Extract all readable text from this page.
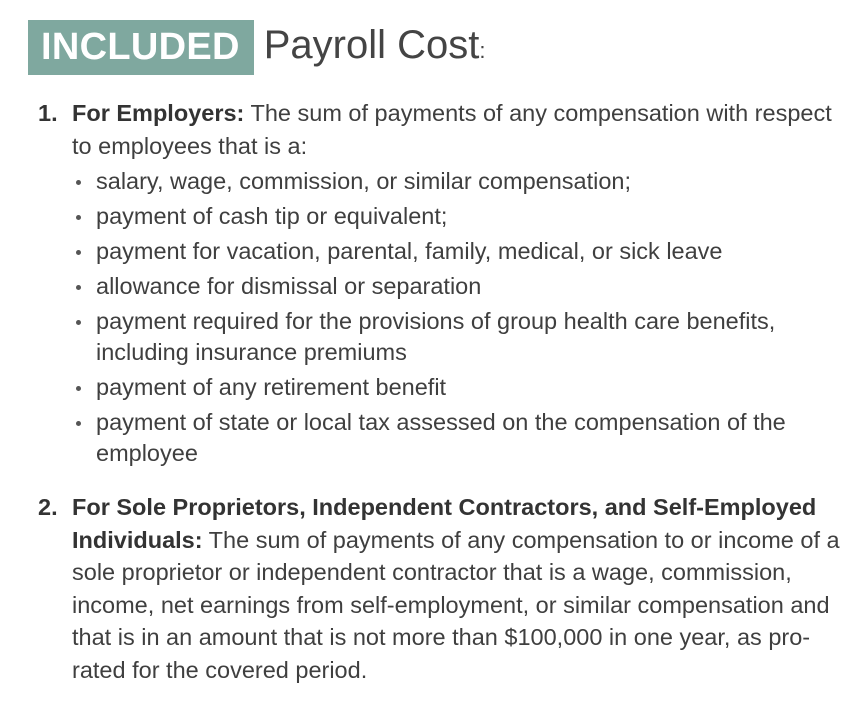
INCLUDED Payroll Cost:
1. For Employers: The sum of payments of any compensation with respect to employees that is a:
salary, wage, commission, or similar compensation;
payment of cash tip or equivalent;
payment for vacation, parental, family, medical, or sick leave
allowance for dismissal or separation
payment required for the provisions of group health care benefits, including insurance premiums
payment of any retirement benefit
payment of state or local tax assessed on the compensation of the employee
2. For Sole Proprietors, Independent Contractors, and Self-Employed Individuals: The sum of payments of any compensation to or income of a sole proprietor or independent contractor that is a wage, commission, income, net earnings from self-employment, or similar compensation and that is in an amount that is not more than $100,000 in one year, as pro-rated for the covered period.
